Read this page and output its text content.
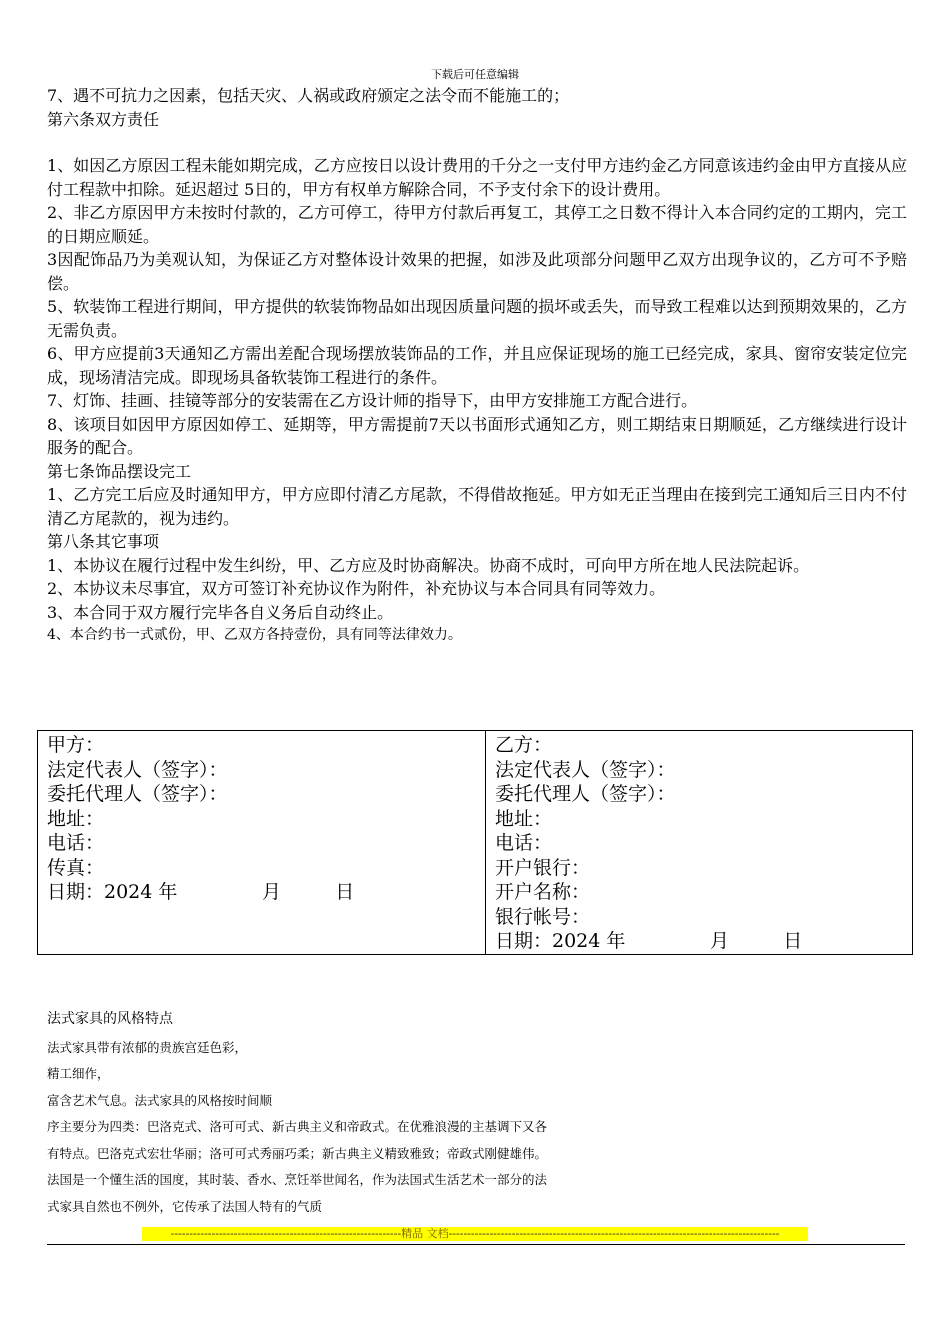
下载后可任意编辑

7、遇不可抗力之因素，包括天灾、人祸或政府颁定之法令而不能施工的；

第六条双方责任

1、如因乙方原因工程未能如期完成，乙方应按日以设计费用的千分之一支付甲方违约金乙方同意该违约金由甲方直接从应付工程款中扣除。延迟超过 5日的，甲方有权单方解除合同，不予支付余下的设计费用。

2、非乙方原因甲方未按时付款的，乙方可停工，待甲方付款后再复工，其停工之日数不得计入本合同约定的工期内，完工的日期应顺延。

3因配饰品乃为美观认知，为保证乙方对整体设计效果的把握，如涉及此项部分问题甲乙双方出现争议的，乙方可不予赔偿。

5、软装饰工程进行期间，甲方提供的软装饰物品如出现因质量问题的损坏或丢失，而导致工程难以达到预期效果的，乙方无需负责。

6、甲方应提前3天通知乙方需出差配合现场摆放装饰品的工作，并且应保证现场的施工已经完成，家具、窗帘安装定位完成，现场清洁完成。即现场具备软装饰工程进行的条件。

7、灯饰、挂画、挂镜等部分的安装需在乙方设计师的指导下，由甲方安排施工方配合进行。

8、该项目如因甲方原因如停工、延期等，甲方需提前7天以书面形式通知乙方，则工期结束日期顺延，乙方继续进行设计服务的配合。

第七条饰品摆设完工

1、乙方完工后应及时通知甲方，甲方应即付清乙方尾款，不得借故拖延。甲方如无正当理由在接到完工通知后三日内不付清乙方尾款的，视为违约。

第八条其它事项

1、本协议在履行过程中发生纠纷，甲、乙方应及时协商解决。协商不成时，可向甲方所在地人民法院起诉。

2、本协议未尽事宜，双方可签订补充协议作为附件，补充协议与本合同具有同等效力。

3、本合同于双方履行完毕各自义务后自动终止。

4、本合约书一式贰份，甲、乙双方各持壹份，具有同等法律效力。

甲方：
法定代表人（签字）：
委托代理人（签字）：
地址：
电话：
传真：
日期：2024 年              月         日

乙方：
法定代表人（签字）：
委托代理人（签字）：
地址：
电话：
开户银行：
开户名称：
银行帐号：
日期：2024 年              月         日
法式家具的风格特点
法式家具带有浓郁的贵族宫廷色彩，
精工细作，
富含艺术气息。法式家具的风格按时间顺
序主要分为四类：巴洛克式、洛可可式、新古典主义和帝政式。在优雅浪漫的主基调下又各
有特点。巴洛克式宏壮华丽；洛可可式秀丽巧柔；新古典主义精致雅致；帝政式刚健雄伟。
法国是一个懂生活的国度，其时装、香水、烹饪举世闻名，作为法国式生活艺术一部分的法
式家具自然也不例外，它传承了法国人特有的气质
--------------------------------------------------------------精品 文档-----------------------------------------------------------------------------------------
